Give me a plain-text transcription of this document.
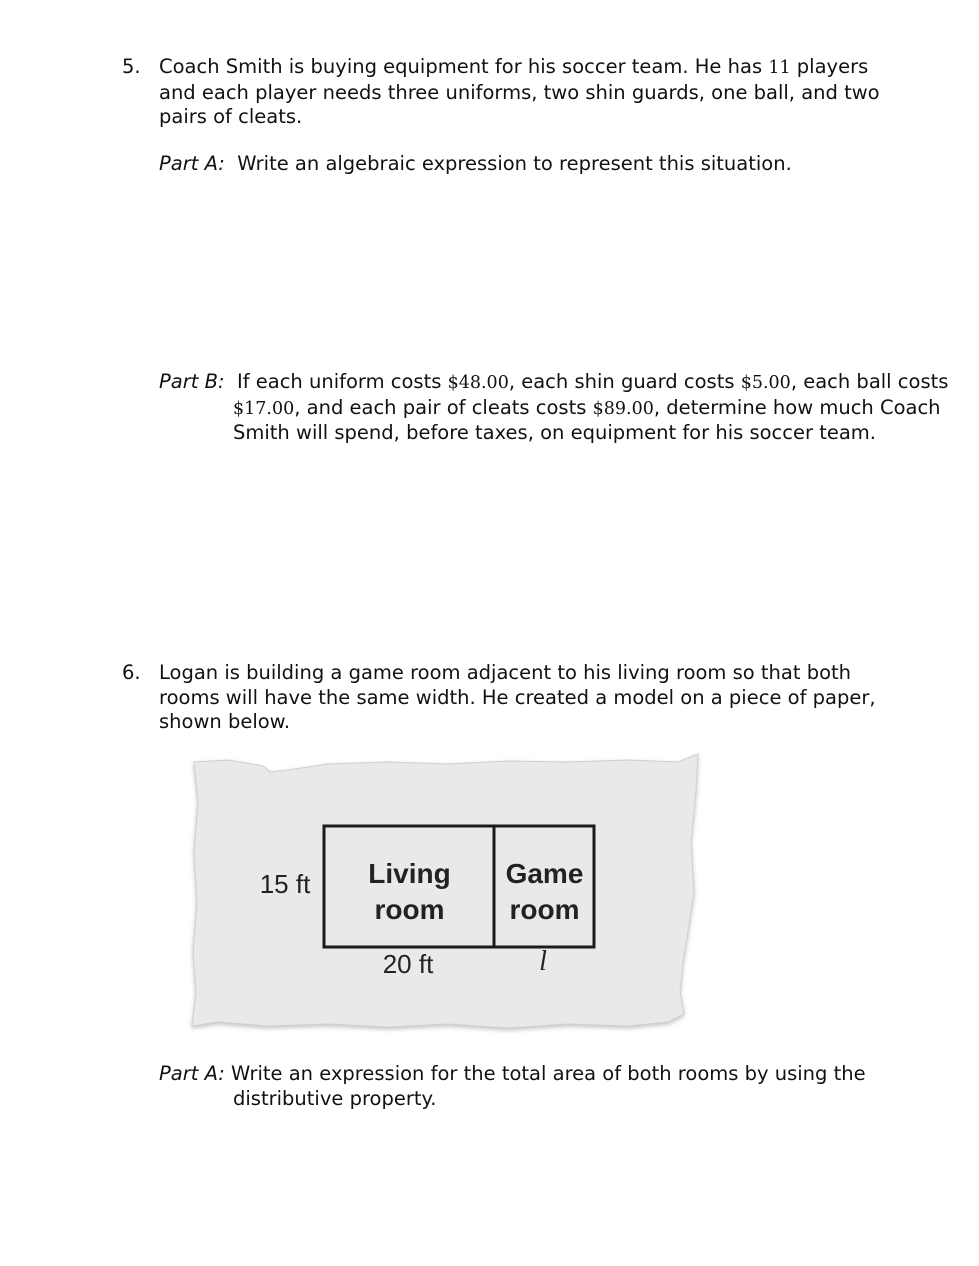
5. Coach Smith is buying equipment for his soccer team. He has 11 players and each player needs three uniforms, two shin guards, one ball, and two pairs of cleats.
Part A: Write an algebraic expression to represent this situation.
Part B: If each uniform costs $48.00, each shin guard costs $5.00, each ball costs $17.00, and each pair of cleats costs $89.00, determine how much Coach Smith will spend, before taxes, on equipment for his soccer team.
6. Logan is building a game room adjacent to his living room so that both rooms will have the same width. He created a model on a piece of paper, shown below.
15 ft	Living
room
Game
room
20 ft	l
Part A: Write an expression for the total area of both rooms by using the distributive property.
